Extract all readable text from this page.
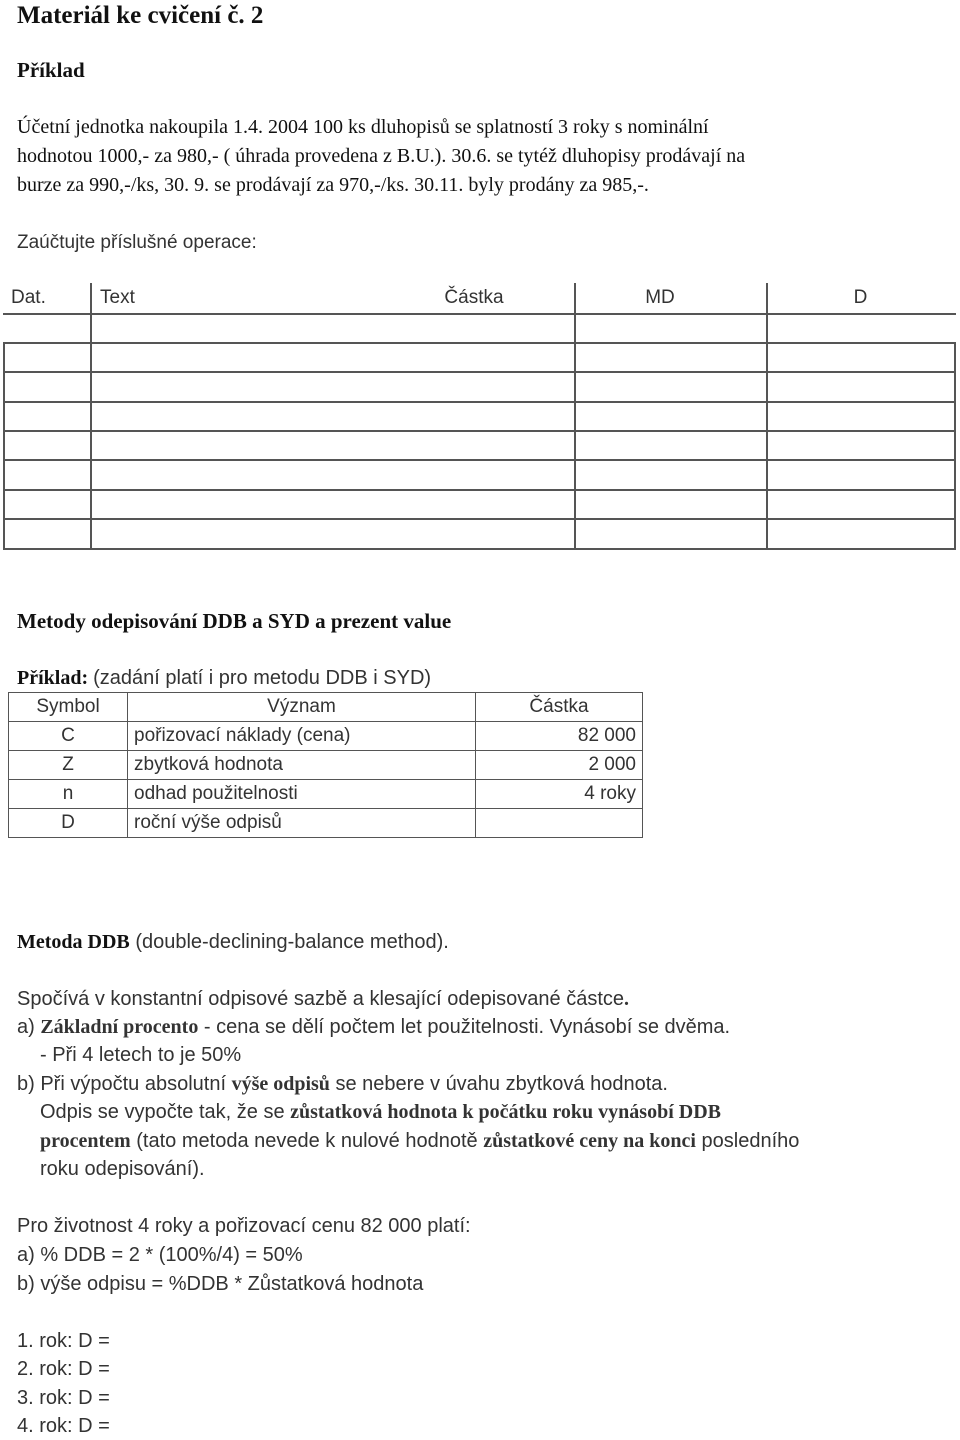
Materiál ke cvičení č. 2
Příklad
Účetní jednotka nakoupila 1.4. 2004 100 ks dluhopisů se splatností 3 roky s nominální
hodnotou 1000,- za 980,- ( úhrada provedena z B.U.). 30.6. se tytéž dluhopisy prodávají na
burze za 990,-/ks, 30. 9. se prodávají za 970,-/ks. 30.11. byly prodány za 985,-.
Zaúčtujte příslušné operace:
Dat.	Text	Částka	MD	D
Metody odepisování DDB a SYD a prezent value
Příklad: (zadání platí i pro metodu DDB i SYD)
Symbol	Význam	Částka
C	pořizovací náklady (cena)	82 000
Z	zbytková hodnota	2 000
n	odhad použitelnosti	4 roky
D	roční výše odpisů	
Metoda DDB (double-declining-balance method).
Spočívá v konstantní odpisové sazbě a klesající odepisované částce.
a) Základní procento - cena se dělí počtem let použitelnosti. Vynásobí se dvěma.
- Při 4 letech to je 50%
b) Při výpočtu absolutní výše odpisů se nebere v úvahu zbytková hodnota.
Odpis se vypočte tak, že se zůstatková hodnota k počátku roku vynásobí DDB
procentem (tato metoda nevede k nulové hodnotě zůstatkové ceny na konci posledního
roku odepisování).
Pro životnost 4 roky a pořizovací cenu 82 000 platí:
a) % DDB = 2 * (100%/4) = 50%
b) výše odpisu = %DDB * Zůstatková hodnota
1. rok: D =
2. rok: D =
3. rok: D =
4. rok: D =
